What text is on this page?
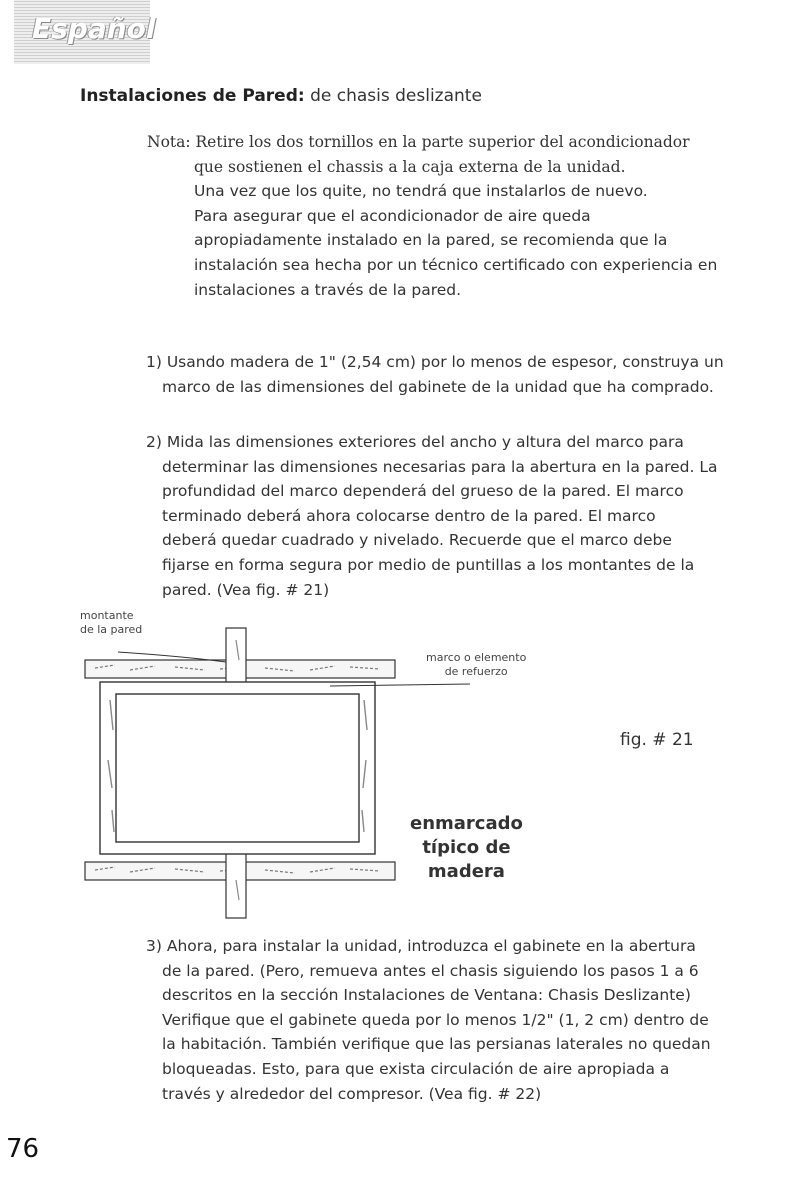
Español
Instalaciones de Pared: de chasis deslizante
Nota: Retire los dos tornillos en la parte superior del acondicionador
que sostienen el chassis a la caja externa de la unidad.
Una vez que los quite, no tendrá que instalarlos de nuevo.
Para asegurar que el acondicionador de aire queda
apropiadamente instalado en la pared, se recomienda que la
instalación sea hecha por un técnico certificado con experiencia en
instalaciones a través de la pared.
1) Usando madera de 1" (2,54 cm) por lo menos de espesor, construya un
marco de las dimensiones del gabinete de la unidad que ha comprado.
2) Mida las dimensiones exteriores del ancho y altura del marco para
determinar las dimensiones necesarias para la abertura en la pared. La
profundidad del marco dependerá del grueso de la pared. El marco
terminado deberá ahora colocarse dentro de la pared. El marco
deberá quedar cuadrado y nivelado. Recuerde que el marco debe
fijarse en forma segura por medio de puntillas a los montantes de la
pared. (Vea fig. # 21)
montante
de la pared
marco o elemento
de refuerzo
fig. # 21
enmarcado
típico de
madera
3) Ahora, para instalar la unidad, introduzca el gabinete en la abertura
de la pared. (Pero, remueva antes el chasis siguiendo los pasos 1 a 6
descritos en la sección Instalaciones de Ventana: Chasis Deslizante)
Verifique que el gabinete queda por lo menos 1/2" (1, 2 cm) dentro de
la habitación. También verifique que las persianas laterales no quedan
bloqueadas. Esto, para que exista circulación de aire apropiada a
través y alrededor del compresor. (Vea fig. # 22)
76
